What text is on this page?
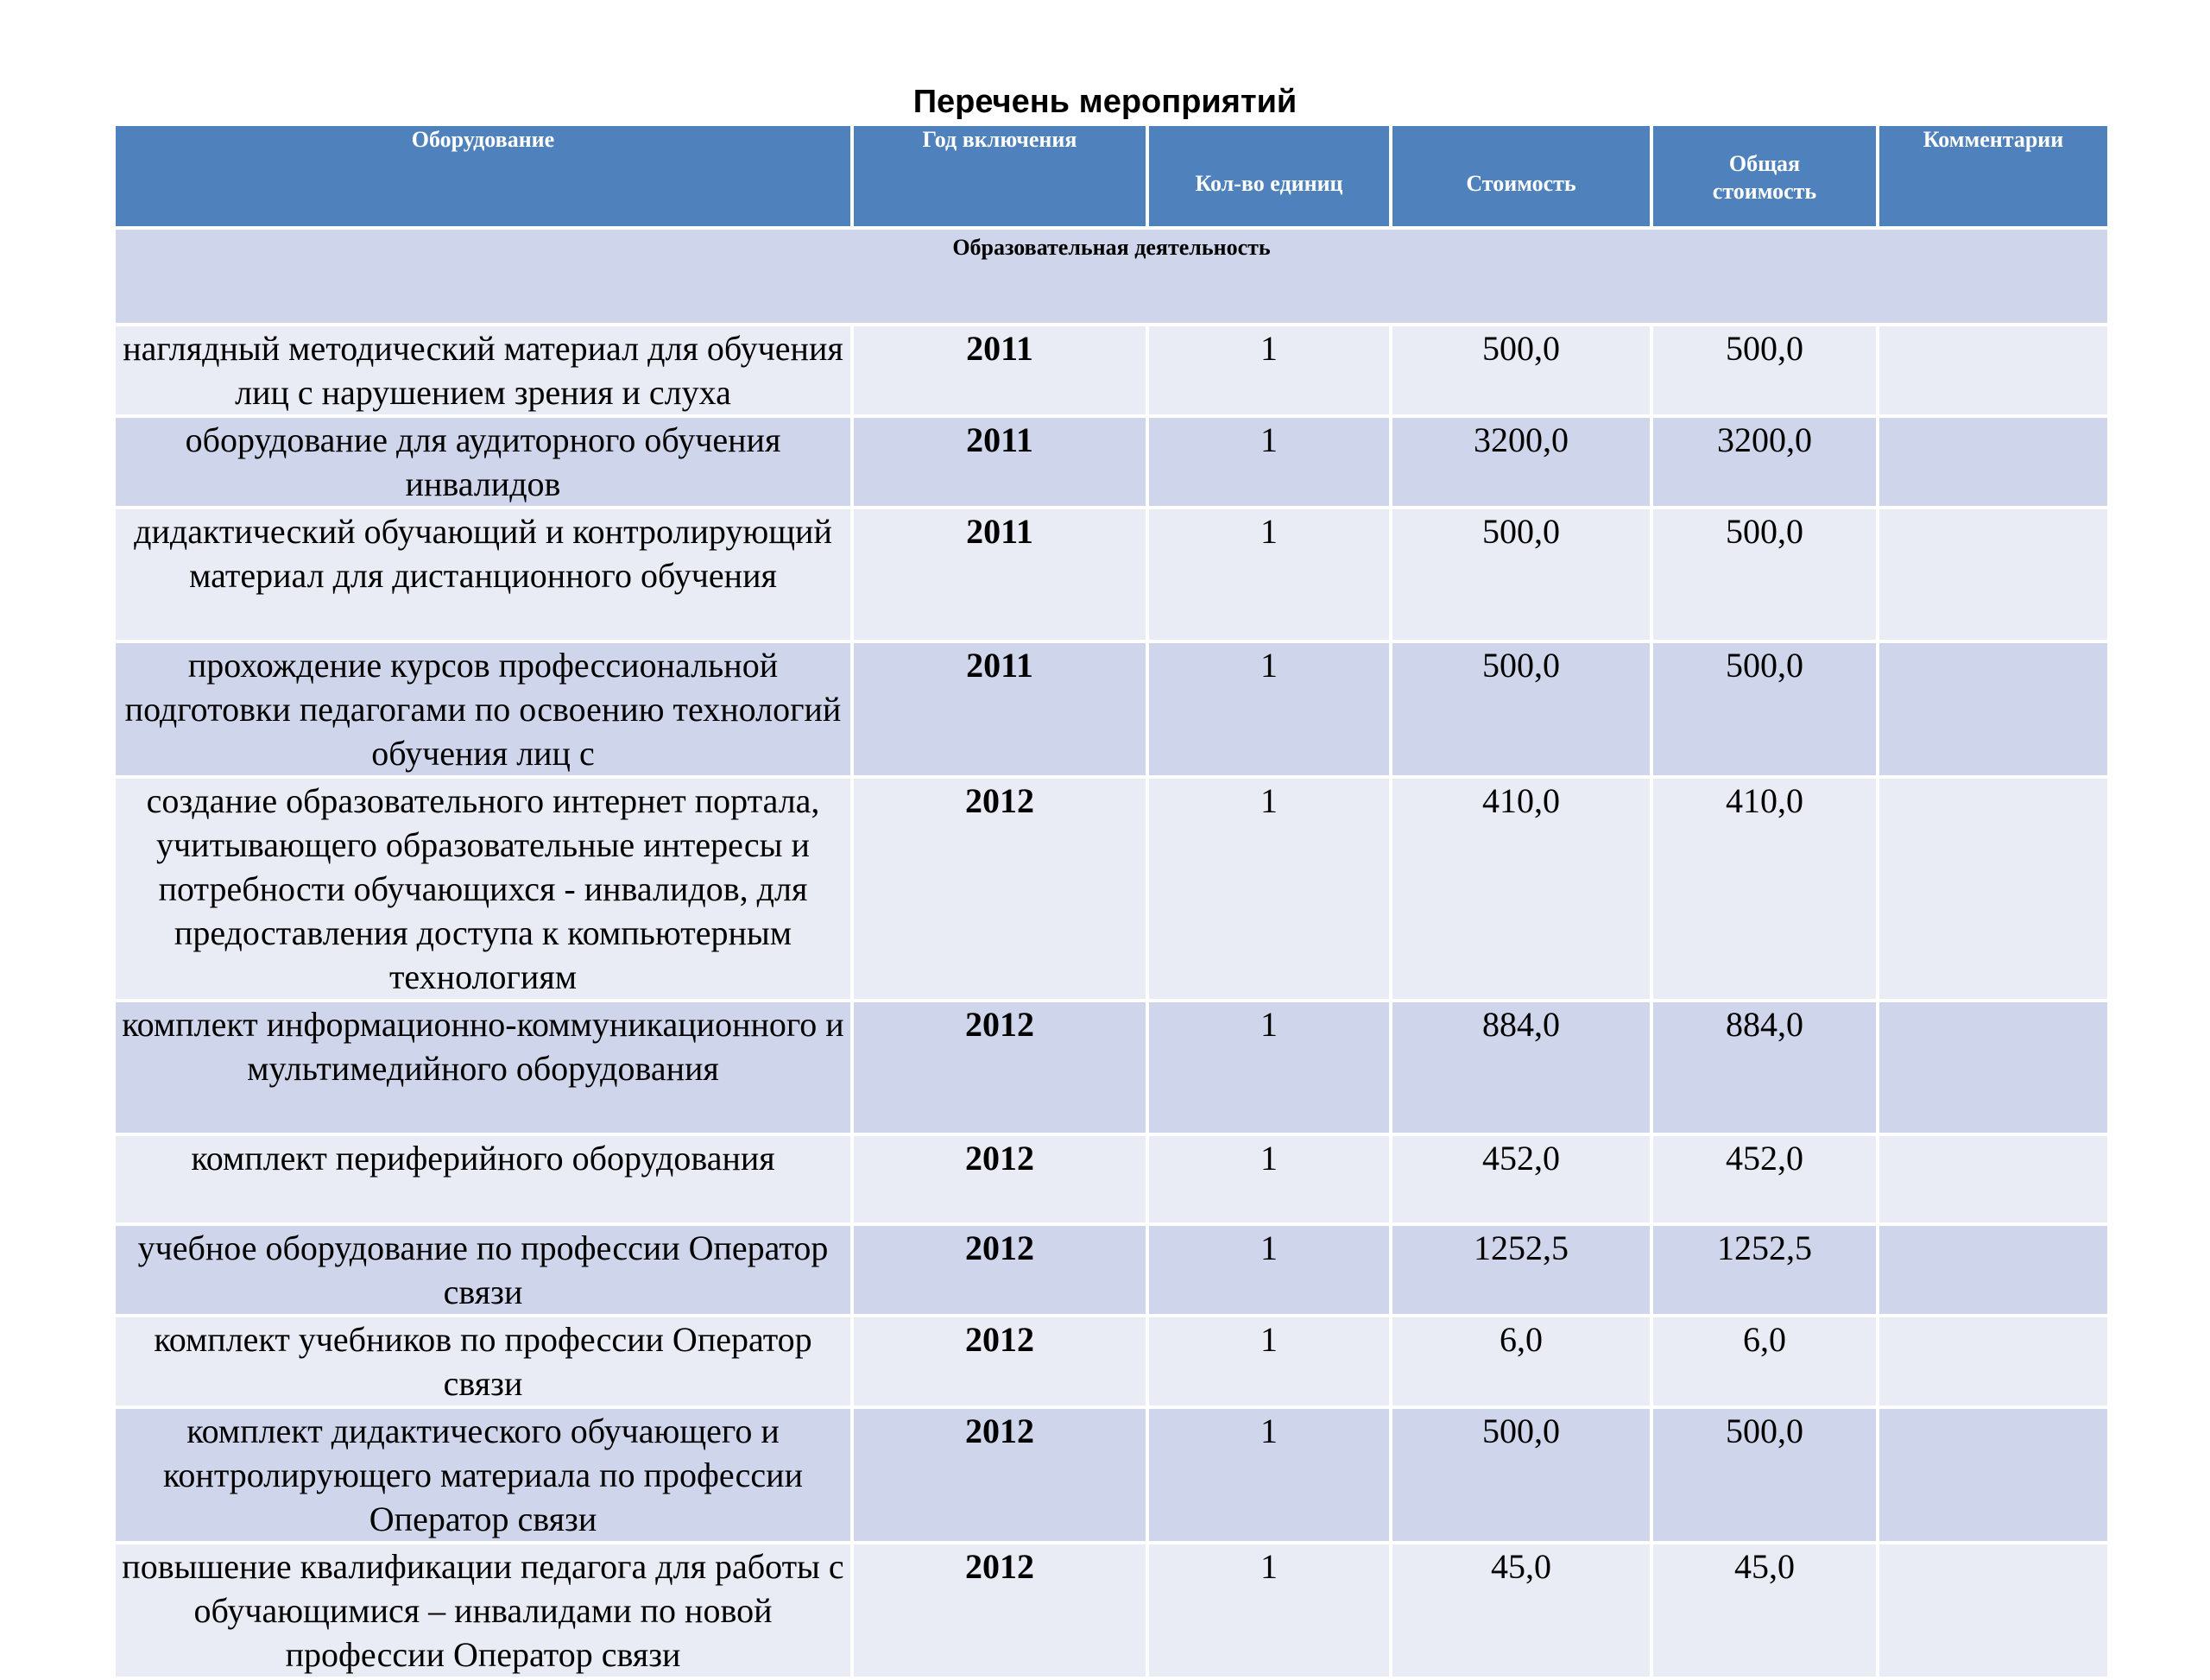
Перечень мероприятий
Оборудование	Год включения	Кол-во единиц	Стоимость	Общая стоимость	Комментарии
Образовательная деятельность					
наглядный методический материал для обучения лиц с нарушением зрения и слуха	2011	1	500,0	500,0	
оборудование для аудиторного обучения инвалидов	2011	1	3200,0	3200,0	
дидактический обучающий и контролирующий материал для дистанционного обучения	2011	1	500,0	500,0	
прохождение курсов профессиональной подготовки педагогами по освоению технологий обучения лиц с	2011	1	500,0	500,0	
создание образовательного интернет портала, учитывающего образовательные интересы и потребности обучающихся - инвалидов, для предоставления доступа к компьютерным технологиям	2012	1	410,0	410,0	
комплект информационно-коммуникационного и мультимедийного оборудования	2012	1	884,0	884,0	
комплект периферийного оборудования	2012	1	452,0	452,0	
учебное оборудование по профессии Оператор связи	2012	1	1252,5	1252,5	
комплект учебников по профессии Оператор связи	2012	1	6,0	6,0	
комплект дидактического обучающего и контролирующего материала по профессии Оператор связи	2012	1	500,0	500,0	
повышение квалификации педагога для работы с обучающимися – инвалидами по новой профессии Оператор связи	2012	1	45,0	45,0	
